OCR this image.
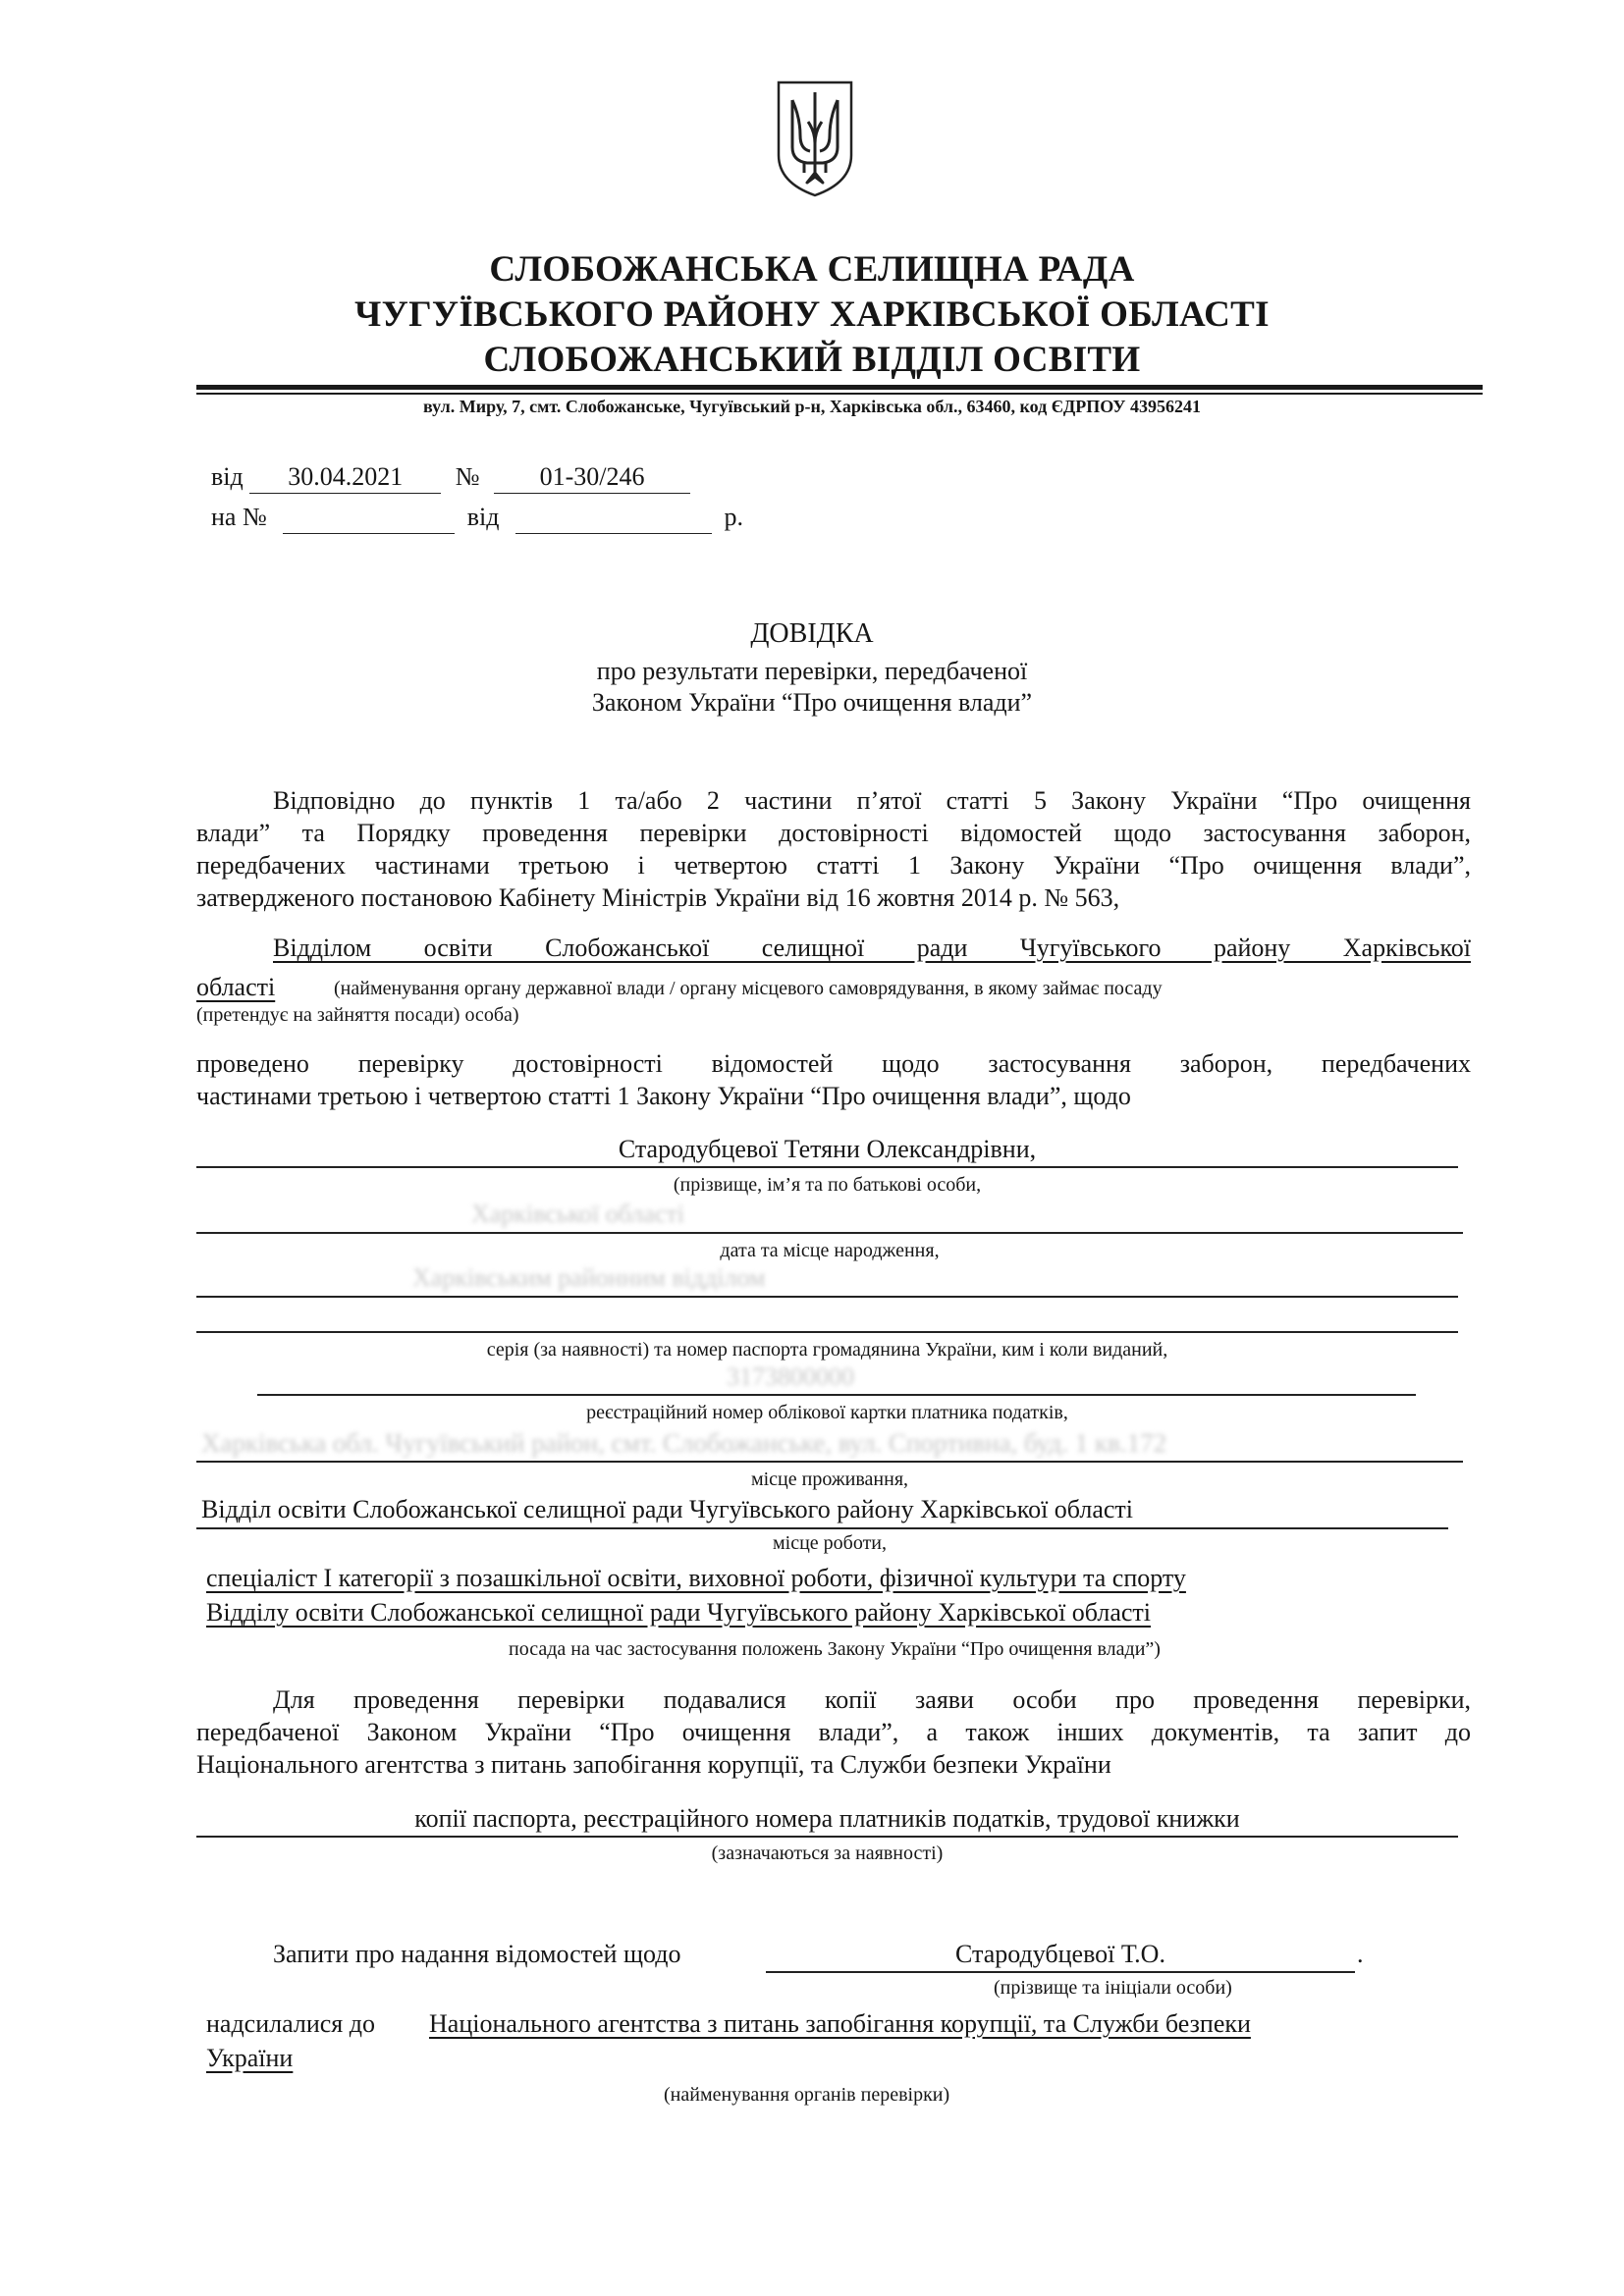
СЛОБОЖАНСЬКА СЕЛИЩНА РАДА
ЧУГУЇВСЬКОГО РАЙОНУ ХАРКІВСЬКОЇ ОБЛАСТІ
СЛОБОЖАНСЬКИЙ ВІДДІЛ ОСВІТИ
вул. Миру, 7, смт. Слобожанське, Чугуївський р-н, Харківська обл., 63460, код ЄДРПОУ 43956241
від 30.04.2021 № 01-30/246
на №	від	р.
ДОВІДКА
про результати перевірки, передбаченої
Законом України “Про очищення влади”
Відповідно до пунктів 1 та/або 2 частини п’ятої статті 5 Закону України “Про очищення
влади” та Порядку проведення перевірки достовірності відомостей щодо застосування заборон,
передбачених частинами третьою і четвертою статті 1 Закону України “Про очищення влади”,
затвердженого постановою Кабінету Міністрів України від 16 жовтня 2014 р. № 563,
Відділом освіти Слобожанської селищної ради Чугуївського району Харківської
області	(найменування органу державної влади / органу місцевого самоврядування, в якому займає посаду
(претендує на зайняття посади) особа)
проведено перевірку достовірності відомостей щодо застосування заборон, передбачених
частинами третьою і четвертою статті 1 Закону України “Про очищення влади”, щодо
Стародубцевої Тетяни Олександрівни,
(прізвище, ім’я та по батькові особи,
Харківської області
дата та місце народження,
Харківським районним відділом
серія (за наявності) та номер паспорта громадянина України, ким і коли виданий,
3173800000
реєстраційний номер облікової картки платника податків,
Харківська обл. Чугуївський район, смт. Слобожанське, вул. Спортивна, буд. 1 кв.172
місце проживання,
Відділ освіти Слобожанської селищної ради Чугуївського району Харківської області
місце роботи,
спеціаліст І категорії з позашкільної освіти, виховної роботи, фізичної культури та спорту
Відділу освіти Слобожанської селищної ради Чугуївського району Харківської області
посада на час застосування положень Закону України “Про очищення влади”)
Для проведення перевірки подавалися копії заяви особи про проведення перевірки,
передбаченої Законом України “Про очищення влади”, а також інших документів, та запит до
Національного агентства з питань запобігання корупції, та Служби безпеки України
копії паспорта, реєстраційного номера платників податків, трудової книжки
(зазначаються за наявності)
Запити про надання відомостей щодо	Стародубцевої Т.О.	.
(прізвище та ініціали особи)
надсилалися до Національного агентства з питань запобігання корупції, та Служби безпеки
України
(найменування органів перевірки)
